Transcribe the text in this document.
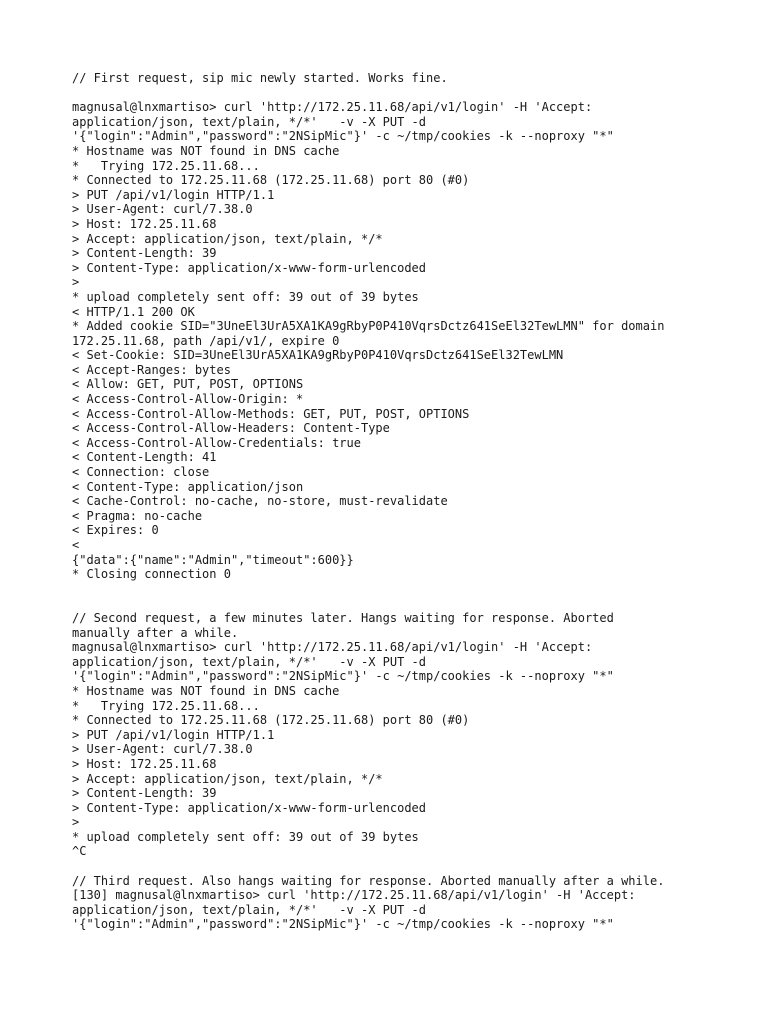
// First request, sip mic newly started. Works fine.
magnusal@lnxmartiso> curl 'http://172.25.11.68/api/v1/login' -H 'Accept:
application/json, text/plain, */*'   -v -X PUT -d
'{"login":"Admin","password":"2NSipMic"}' -c ~/tmp/cookies -k --noproxy "*"
* Hostname was NOT found in DNS cache
*   Trying 172.25.11.68...
* Connected to 172.25.11.68 (172.25.11.68) port 80 (#0)
> PUT /api/v1/login HTTP/1.1
> User-Agent: curl/7.38.0
> Host: 172.25.11.68
> Accept: application/json, text/plain, */*
> Content-Length: 39
> Content-Type: application/x-www-form-urlencoded
>
* upload completely sent off: 39 out of 39 bytes
< HTTP/1.1 200 OK
* Added cookie SID="3UneEl3UrA5XA1KA9gRbyP0P410VqrsDctz641SeEl32TewLMN" for domain
172.25.11.68, path /api/v1/, expire 0
< Set-Cookie: SID=3UneEl3UrA5XA1KA9gRbyP0P410VqrsDctz641SeEl32TewLMN
< Accept-Ranges: bytes
< Allow: GET, PUT, POST, OPTIONS
< Access-Control-Allow-Origin: *
< Access-Control-Allow-Methods: GET, PUT, POST, OPTIONS
< Access-Control-Allow-Headers: Content-Type
< Access-Control-Allow-Credentials: true
< Content-Length: 41
< Connection: close
< Content-Type: application/json
< Cache-Control: no-cache, no-store, must-revalidate
< Pragma: no-cache
< Expires: 0
<
{"data":{"name":"Admin","timeout":600}}
* Closing connection 0
// Second request, a few minutes later. Hangs waiting for response. Aborted
manually after a while.
magnusal@lnxmartiso> curl 'http://172.25.11.68/api/v1/login' -H 'Accept:
application/json, text/plain, */*'   -v -X PUT -d
'{"login":"Admin","password":"2NSipMic"}' -c ~/tmp/cookies -k --noproxy "*"
* Hostname was NOT found in DNS cache
*   Trying 172.25.11.68...
* Connected to 172.25.11.68 (172.25.11.68) port 80 (#0)
> PUT /api/v1/login HTTP/1.1
> User-Agent: curl/7.38.0
> Host: 172.25.11.68
> Accept: application/json, text/plain, */*
> Content-Length: 39
> Content-Type: application/x-www-form-urlencoded
>
* upload completely sent off: 39 out of 39 bytes
^C
// Third request. Also hangs waiting for response. Aborted manually after a while.
[130] magnusal@lnxmartiso> curl 'http://172.25.11.68/api/v1/login' -H 'Accept:
application/json, text/plain, */*'   -v -X PUT -d
'{"login":"Admin","password":"2NSipMic"}' -c ~/tmp/cookies -k --noproxy "*"
